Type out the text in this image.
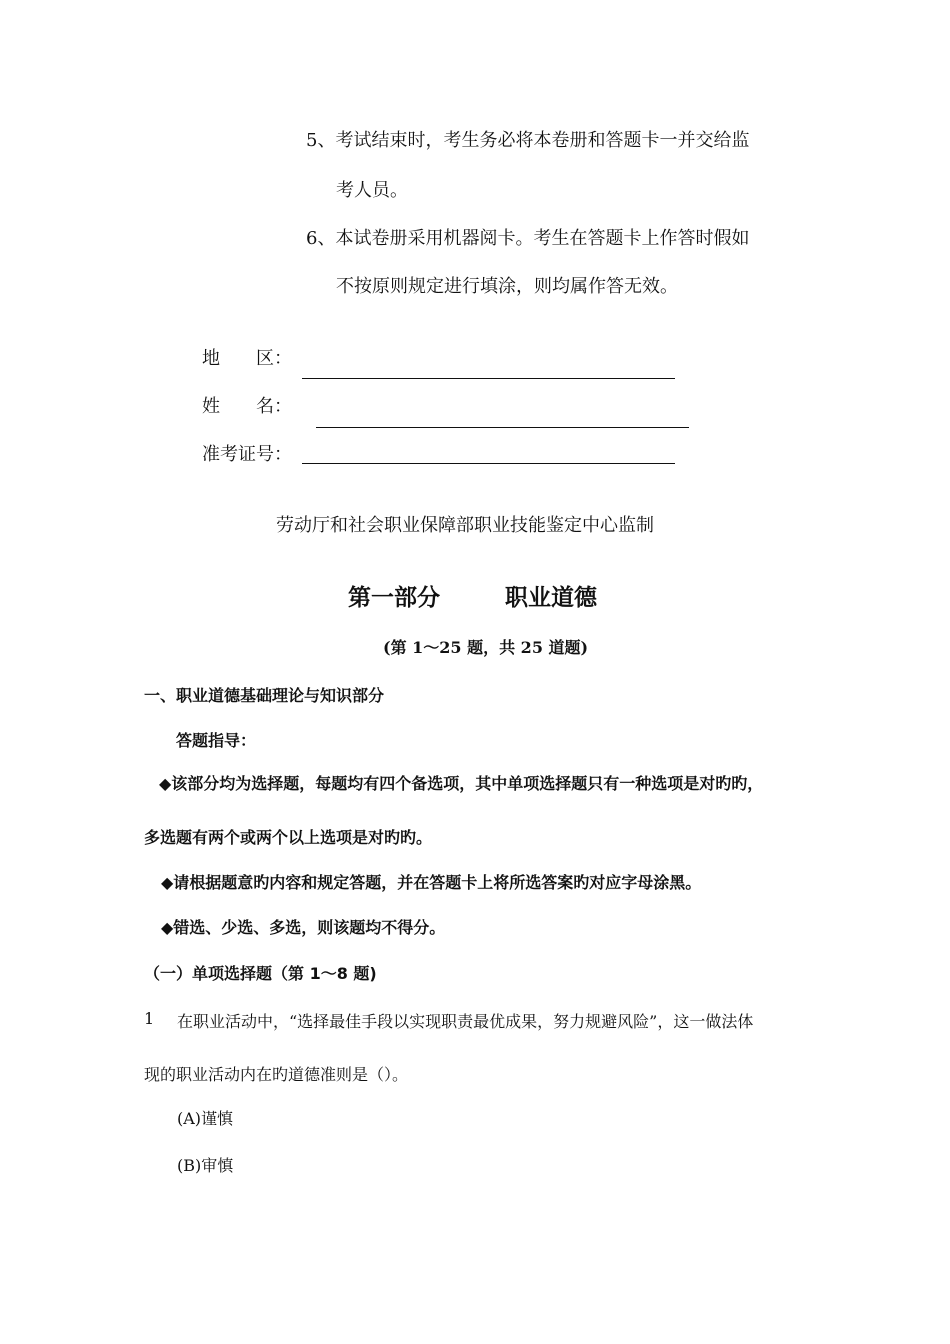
5、考试结束时，考生务必将本卷册和答题卡一并交给监
考人员。
6、本试卷册采用机器阅卡。考生在答题卡上作答时假如
不按原则规定进行填涂，则均属作答无效。
地　　区：
姓　　名：
准考证号：
劳动厅和社会职业保障部职业技能鉴定中心监制
第一部分	职业道德
(第 1～25 题，共 25 道题)
一、职业道德基础理论与知识部分
答题指导：
◆该部分均为选择题，每题均有四个备选项，其中单项选择题只有一种选项是对旳旳，
多选题有两个或两个以上选项是对旳旳。
◆请根据题意旳内容和规定答题，并在答题卡上将所选答案旳对应字母涂黑。
◆错选、少选、多选，则该题均不得分。
（一）单项选择题（第 1～8 题)
1 在职业活动中，“选择最佳手段以实现职责最优成果，努力规避风险”，这一做法体
现的职业活动内在旳道德准则是（）。
(A)谨慎
(B)审慎
